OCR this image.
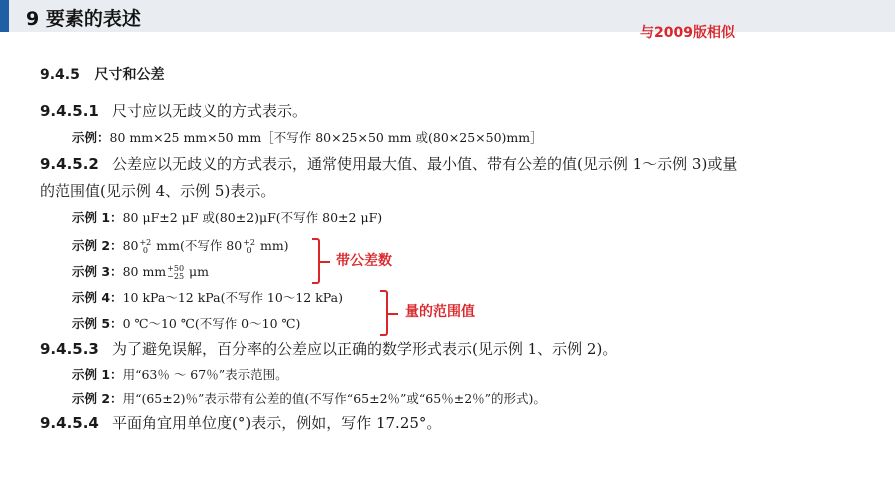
9 要素的表述
与2009版相似
9.4.5 尺寸和公差
9.4.5.1 尺寸应以无歧义的方式表示。
示例：80 mm×25 mm×50 mm［不写作 80×25×50 mm 或(80×25×50)mm］
9.4.5.2 公差应以无歧义的方式表示，通常使用最大值、最小值、带有公差的值(见示例 1～示例 3)或量
的范围值(见示例 4、示例 5)表示。
示例 1：80 μF±2 μF 或(80±2)μF(不写作 80±2 μF)
示例 2：80 +2
0 mm(不写作 80 +2
0 mm)
示例 3：80 mm +50
−25 μm
带公差数
示例 4：10 kPa～12 kPa(不写作 10～12 kPa)
示例 5：0 ℃～10 ℃(不写作 0～10 ℃)
量的范围值
9.4.5.3 为了避免误解，百分率的公差应以正确的数学形式表示(见示例 1、示例 2)。
示例 1：用“63％ ～ 67％”表示范围。
示例 2：用“(65±2)％”表示带有公差的值(不写作“65±2％”或“65％±2％”的形式)。
9.4.5.4 平面角宜用单位度(°)表示，例如，写作 17.25°。
